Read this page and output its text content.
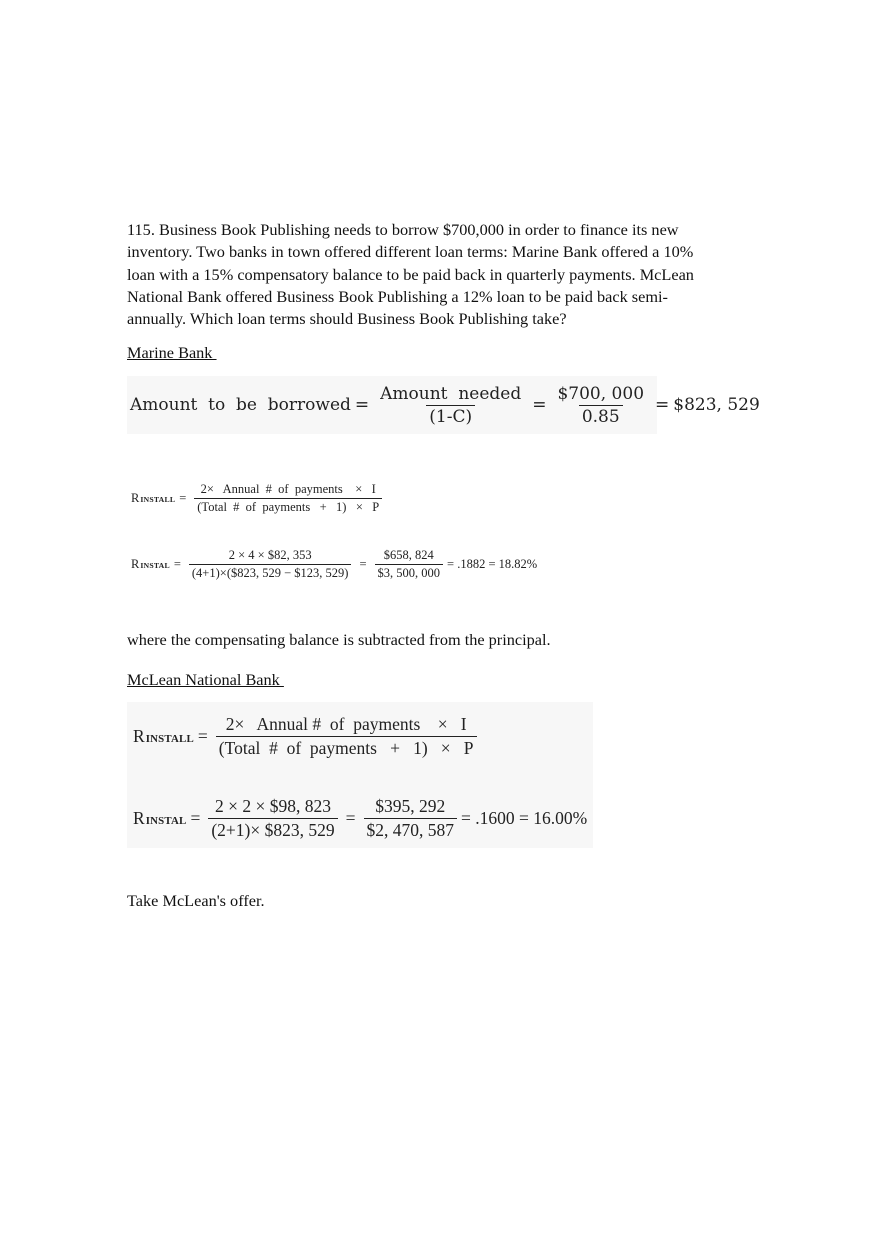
115. Business Book Publishing needs to borrow $700,000 in order to finance its new
inventory. Two banks in town offered different loan terms: Marine Bank offered a 10%
loan with a 15% compensatory balance to be paid back in quarterly payments. McLean
National Bank offered Business Book Publishing a 12% loan to be paid back semi-
annually. Which loan terms should Business Book Publishing take?
Marine Bank
Amount  to  be  borrowed = $\frac{\text{Amount  needed}}{(1-C)} = \frac{\$700, 000}{0.85}$ = $823, 529
R INSTALL = $\frac{\text{2×   Annual  \#  of  payments    ×   I}}{\text{(Total  \#  of  payments   +   1)   ×   P}}$
R INSTAL = $\frac{2 \times 4 \times \$82, 353}{(4+1)\times(\$823, 529 - \$123, 529)} = \frac{\$658, 824}{\$3, 500, 000} = .1882 = 18.82\%$
where the compensating balance is subtracted from the principal.
McLean National Bank
R INSTALL = $\frac{\text{2×   Annual \#  of  payments    ×   I}}{\text{(Total  \#  of  payments   +   1)   ×   P}}$
R INSTAL = $\frac{2 \times 2 \times \$98, 823}{(2+1)\times \$823, 529} = \frac{\$395, 292}{\$2, 470, 587} = .1600 = 16.00\%$
Take McLean's offer.
